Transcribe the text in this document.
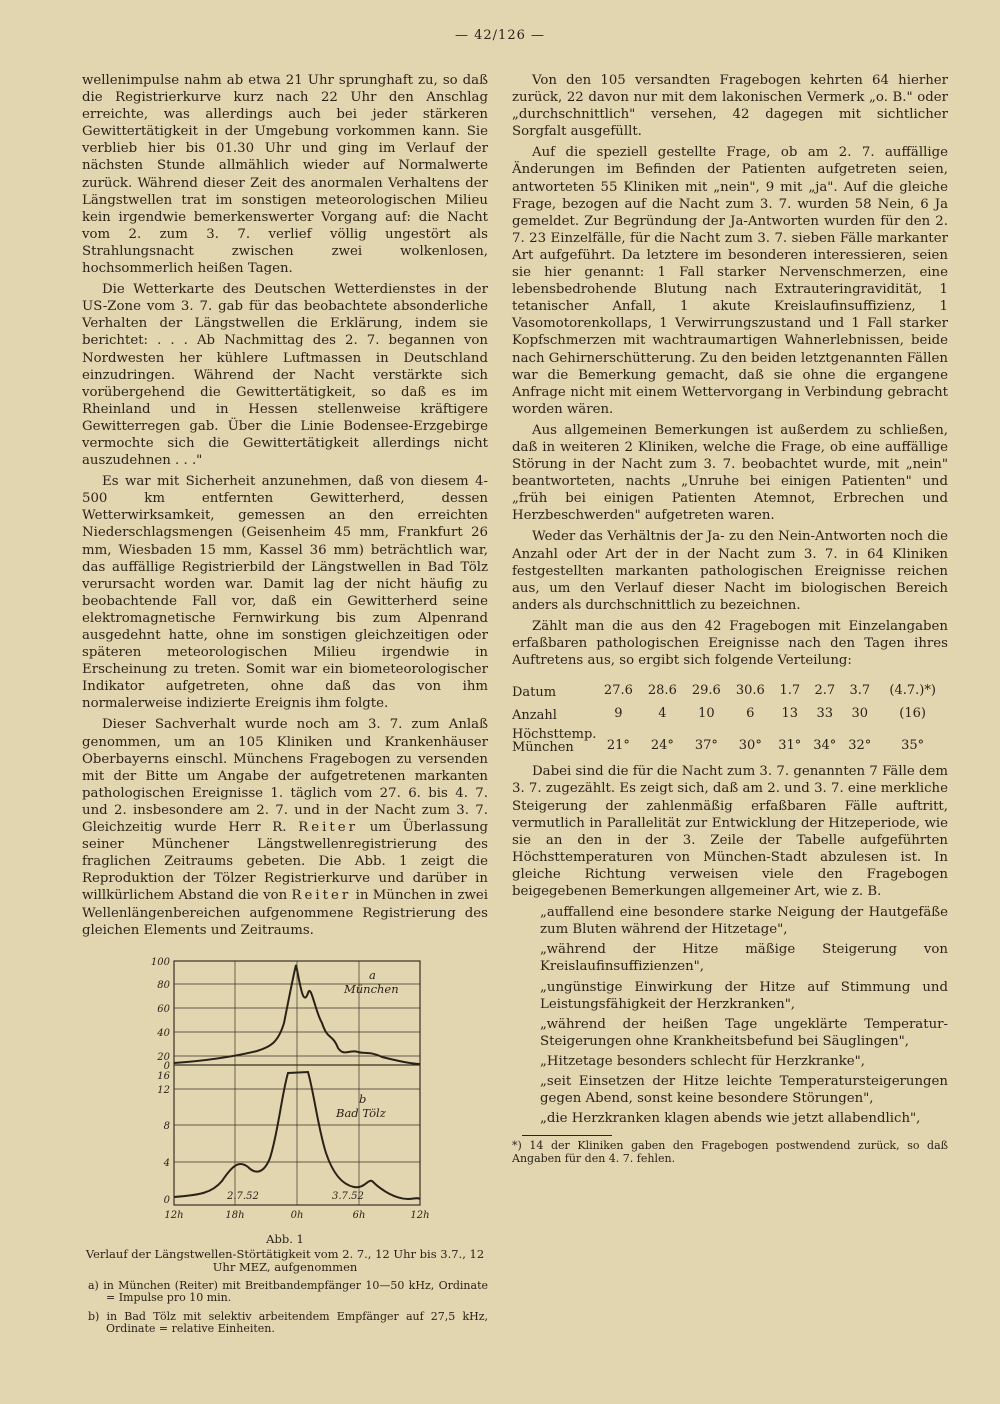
— 42/126 —

wellenimpulse nahm ab etwa 21 Uhr sprunghaft zu, so daß die Registrierkurve kurz nach 22 Uhr den Anschlag erreichte, was allerdings auch bei jeder stärkeren Gewittertätigkeit in der Umgebung vorkommen kann. Sie verblieb hier bis 01.30 Uhr und ging im Verlauf der nächsten Stunde allmählich wieder auf Normalwerte zurück. Während dieser Zeit des anormalen Verhaltens der Längstwellen trat im sonstigen meteorologischen Milieu kein irgendwie bemerkenswerter Vorgang auf: die Nacht vom 2. zum 3. 7. verlief völlig ungestört als Strahlungsnacht zwischen zwei wolkenlosen, hochsommerlich heißen Tagen.

Die Wetterkarte des Deutschen Wetterdienstes in der US-Zone vom 3. 7. gab für das beobachtete absonderliche Verhalten der Längstwellen die Erklärung, indem sie berichtet: . . . Ab Nachmittag des 2. 7. begannen von Nordwesten her kühlere Luftmassen in Deutschland einzudringen. Während der Nacht verstärkte sich vorübergehend die Gewittertätigkeit, so daß es im Rheinland und in Hessen stellenweise kräftigere Gewitterregen gab. Über die Linie Bodensee-Erzgebirge vermochte sich die Gewittertätigkeit allerdings nicht auszudehnen . . ."

Es war mit Sicherheit anzunehmen, daß von diesem 4-500 km entfernten Gewitterherd, dessen Wetterwirksamkeit, gemessen an den erreichten Niederschlagsmengen (Geisenheim 45 mm, Frankfurt 26 mm, Wiesbaden 15 mm, Kassel 36 mm) beträchtlich war, das auffällige Registrierbild der Längstwellen in Bad Tölz verursacht worden war. Damit lag der nicht häufig zu beobachtende Fall vor, daß ein Gewitterherd seine elektromagnetische Fernwirkung bis zum Alpenrand ausgedehnt hatte, ohne im sonstigen gleichzeitigen oder späteren meteorologischen Milieu irgendwie in Erscheinung zu treten. Somit war ein biometeorologischer Indikator aufgetreten, ohne daß das von ihm normalerweise indizierte Ereignis ihm folgte.

Dieser Sachverhalt wurde noch am 3. 7. zum Anlaß genommen, um an 105 Kliniken und Krankenhäuser Oberbayerns einschl. Münchens Fragebogen zu versenden mit der Bitte um Angabe der aufgetretenen markanten pathologischen Ereignisse 1. täglich vom 27. 6. bis 4. 7. und 2. insbesondere am 2. 7. und in der Nacht zum 3. 7. Gleichzeitig wurde Herr R. Reiter um Überlassung seiner Münchener Längstwellenregistrierung des fraglichen Zeitraums gebeten. Die Abb. 1 zeigt die Reproduktion der Tölzer Registrierkurve und darüber in willkürlichem Abstand die von Reiter in München in zwei Wellenlängenbereichen aufgenommene Registrierung des gleichen Elements und Zeitraums.

100
80
60
40
20
0
16
12
8
4
0
12h	18h	0h	6h	12h
a
München
b
Bad Tölz
2.7.52	3.7.52
Abb. 1
Verlauf der Längstwellen-Störtätigkeit vom 2. 7., 12 Uhr bis 3.7., 12 Uhr MEZ, aufgenommen

a) in München (Reiter) mit Breitbandempfänger 10—50 kHz, Ordinate = Impulse pro 10 min.

b) in Bad Tölz mit selektiv arbeitendem Empfänger auf 27,5 kHz, Ordinate = relative Einheiten.

Von den 105 versandten Fragebogen kehrten 64 hierher zurück, 22 davon nur mit dem lakonischen Vermerk „o. B." oder „durchschnittlich" versehen, 42 dagegen mit sichtlicher Sorgfalt ausgefüllt.

Auf die speziell gestellte Frage, ob am 2. 7. auffällige Änderungen im Befinden der Patienten aufgetreten seien, antworteten 55 Kliniken mit „nein", 9 mit „ja". Auf die gleiche Frage, bezogen auf die Nacht zum 3. 7. wurden 58 Nein, 6 Ja gemeldet. Zur Begründung der Ja-Antworten wurden für den 2. 7. 23 Einzelfälle, für die Nacht zum 3. 7. sieben Fälle markanter Art aufgeführt. Da letztere im besonderen interessieren, seien sie hier genannt: 1 Fall starker Nervenschmerzen, eine lebensbedrohende Blutung nach Extrauteringravidität, 1 tetanischer Anfall, 1 akute Kreislaufinsuffizienz, 1 Vasomotorenkollaps, 1 Verwirrungszustand und 1 Fall starker Kopfschmerzen mit wachtraumartigen Wahnerlebnissen, beide nach Gehirnerschütterung. Zu den beiden letztgenannten Fällen war die Bemerkung gemacht, daß sie ohne die ergangene Anfrage nicht mit einem Wettervorgang in Verbindung gebracht worden wären.

Aus allgemeinen Bemerkungen ist außerdem zu schließen, daß in weiteren 2 Kliniken, welche die Frage, ob eine auffällige Störung in der Nacht zum 3. 7. beobachtet wurde, mit „nein" beantworteten, nachts „Unruhe bei einigen Patienten" und „früh bei einigen Patienten Atemnot, Erbrechen und Herzbeschwerden" aufgetreten waren.

Weder das Verhältnis der Ja- zu den Nein-Antworten noch die Anzahl oder Art der in der Nacht zum 3. 7. in 64 Kliniken festgestellten markanten pathologischen Ereignisse reichen aus, um den Verlauf dieser Nacht im biologischen Bereich anders als durchschnittlich zu bezeichnen.

Zählt man die aus den 42 Fragebogen mit Einzelangaben erfaßbaren pathologischen Ereignisse nach den Tagen ihres Auftretens aus, so ergibt sich folgende Verteilung:

Datum	27.6	28.6	29.6	30.6	1.7	2.7	3.7	(4.7.)*)
Anzahl	9	4	10	6	13	33	30	(16)
Höchsttemp.
München	21°	24°	37°	30°	31°	34°	32°	35°

Dabei sind die für die Nacht zum 3. 7. genannten 7 Fälle dem 3. 7. zugezählt. Es zeigt sich, daß am 2. und 3. 7. eine merkliche Steigerung der zahlenmäßig erfaßbaren Fälle auftritt, vermutlich in Parallelität zur Entwicklung der Hitzeperiode, wie sie an den in der 3. Zeile der Tabelle aufgeführten Höchsttemperaturen von München-Stadt abzulesen ist. In gleiche Richtung verweisen viele den Fragebogen beigegebenen Bemerkungen allgemeiner Art, wie z. B.

„auffallend eine besondere starke Neigung der Hautgefäße zum Bluten während der Hitzetage",

„während der Hitze mäßige Steigerung von Kreislaufinsuffizienzen",

„ungünstige Einwirkung der Hitze auf Stimmung und Leistungsfähigkeit der Herzkranken",

„während der heißen Tage ungeklärte Temperatur-Steigerungen ohne Krankheitsbefund bei Säuglingen",

„Hitzetage besonders schlecht für Herzkranke",

„seit Einsetzen der Hitze leichte Temperatursteigerungen gegen Abend, sonst keine besondere Störungen",

„die Herzkranken klagen abends wie jetzt allabendlich",

*) 14 der Kliniken gaben den Fragebogen postwendend zurück, so daß Angaben für den 4. 7. fehlen.
